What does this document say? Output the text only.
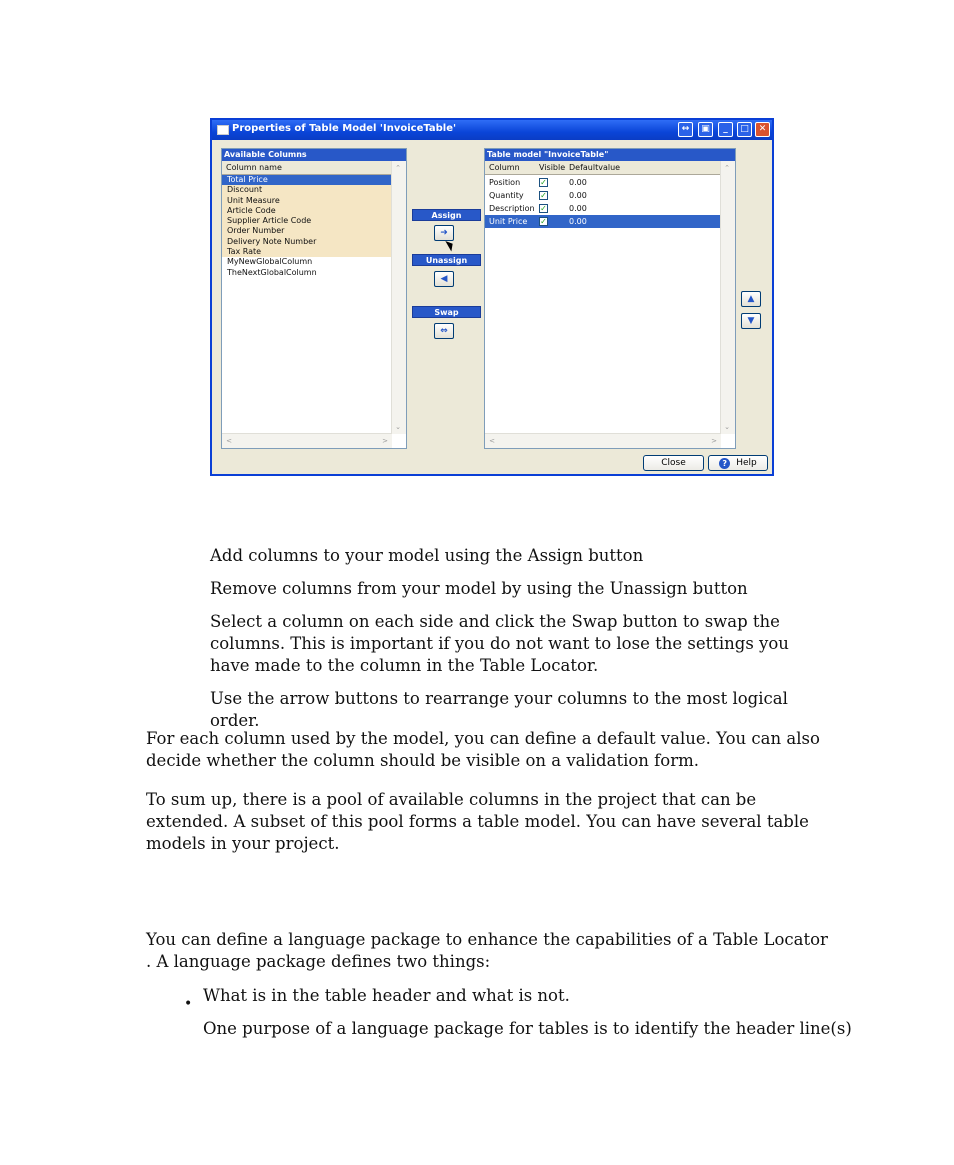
Properties of Table Model 'InvoiceTable'	↔	▣	_	□	✕
Available Columns
Column name
Total Price
Discount
Unit Measure
Article Code
Supplier Article Code
Order Number
Delivery Note Number
Tax Rate
MyNewGlobalColumn
TheNextGlobalColumn
⌃
⌄
<	>
Assign
➜
Unassign
◀
Swap
⇔
Table model "InvoiceTable"
Column Visible Defaultvalue
Position ✓	0.00
Quantity ✓	0.00
Description ✓	0.00
Unit Price ✓	0.00
⌃
⌄
<	>
▲
▼
Close	? Help

Add columns to your model using the Assign button

Remove columns from your model by using the Unassign button

Select a column on each side and click the Swap button to swap the columns. This is important if you do not want to lose the settings you have made to the column in the Table Locator.

Use the arrow buttons to rearrange your columns to the most logical order.

For each column used by the model, you can define a default value. You can also decide whether the column should be visible on a validation form.

To sum up, there is a pool of available columns in the project that can be extended. A subset of this pool forms a table model. You can have several table models in your project.

You can define a language package to enhance the capabilities of a Table Locator . A language package defines two things:

• What is in the table header and what is not.

One purpose of a language package for tables is to identify the header line(s)
